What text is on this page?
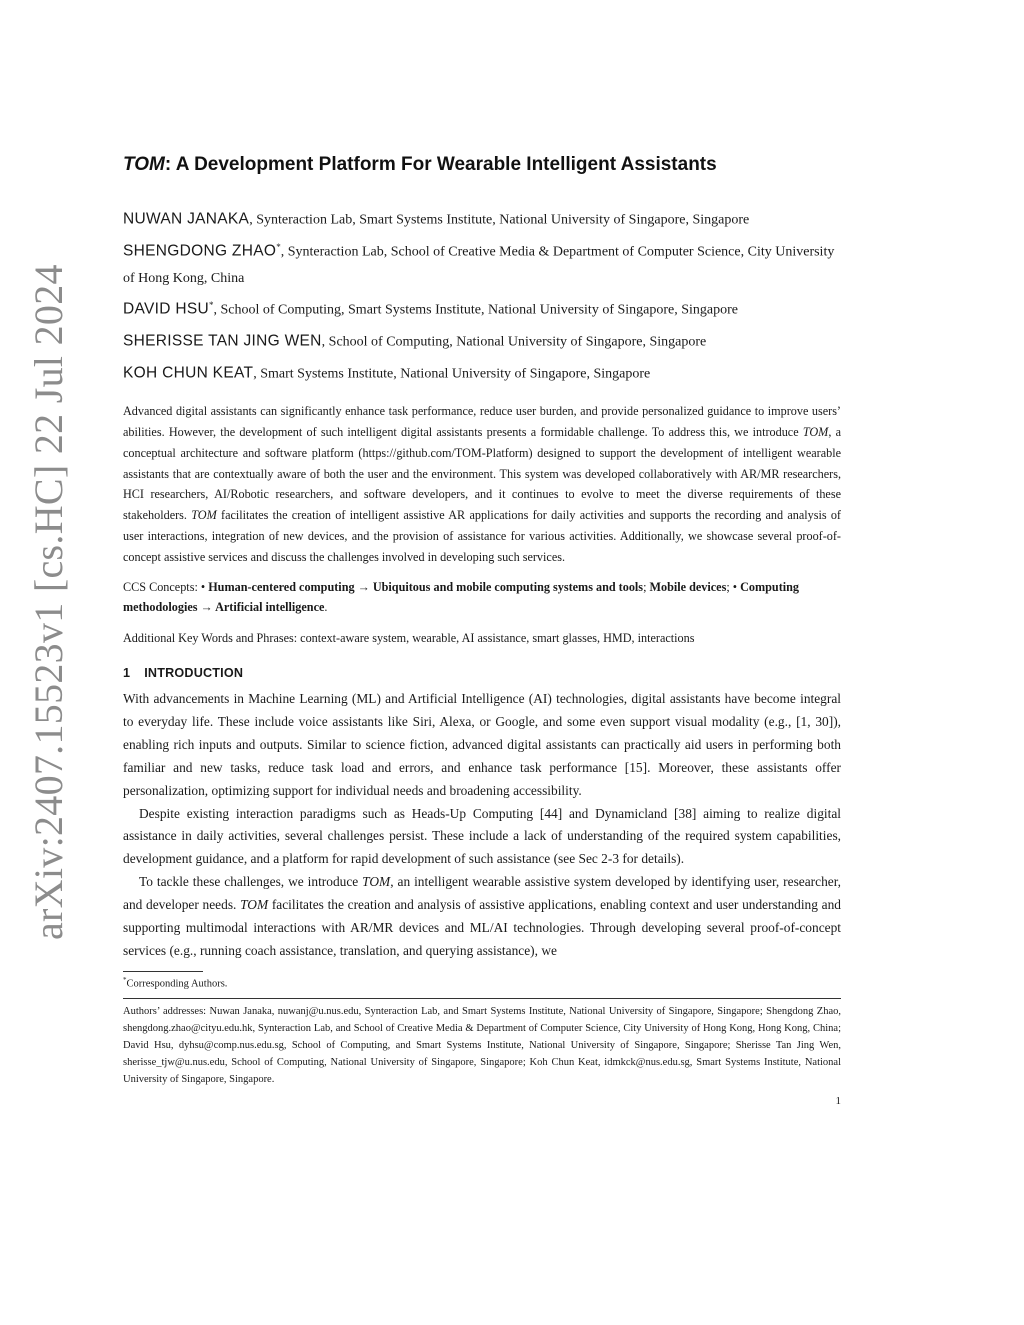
arXiv:2407.15523v1 [cs.HC] 22 Jul 2024
TOM: A Development Platform For Wearable Intelligent Assistants
NUWAN JANAKA, Synteraction Lab, Smart Systems Institute, National University of Singapore, Singapore
SHENGDONG ZHAO*, Synteraction Lab, School of Creative Media & Department of Computer Science, City University of Hong Kong, China
DAVID HSU*, School of Computing, Smart Systems Institute, National University of Singapore, Singapore
SHERISSE TAN JING WEN, School of Computing, National University of Singapore, Singapore
KOH CHUN KEAT, Smart Systems Institute, National University of Singapore, Singapore
Advanced digital assistants can significantly enhance task performance, reduce user burden, and provide personalized guidance to improve users’ abilities. However, the development of such intelligent digital assistants presents a formidable challenge. To address this, we introduce TOM, a conceptual architecture and software platform (https://github.com/TOM-Platform) designed to support the development of intelligent wearable assistants that are contextually aware of both the user and the environment. This system was developed collaboratively with AR/MR researchers, HCI researchers, AI/Robotic researchers, and software developers, and it continues to evolve to meet the diverse requirements of these stakeholders. TOM facilitates the creation of intelligent assistive AR applications for daily activities and supports the recording and analysis of user interactions, integration of new devices, and the provision of assistance for various activities. Additionally, we showcase several proof-of-concept assistive services and discuss the challenges involved in developing such services.
CCS Concepts: • Human-centered computing → Ubiquitous and mobile computing systems and tools; Mobile devices; • Computing methodologies → Artificial intelligence.
Additional Key Words and Phrases: context-aware system, wearable, AI assistance, smart glasses, HMD, interactions
1 INTRODUCTION

With advancements in Machine Learning (ML) and Artificial Intelligence (AI) technologies, digital assistants have become integral to everyday life. These include voice assistants like Siri, Alexa, or Google, and some even support visual modality (e.g., [1, 30]), enabling rich inputs and outputs. Similar to science fiction, advanced digital assistants can practically aid users in performing both familiar and new tasks, reduce task load and errors, and enhance task performance [15]. Moreover, these assistants offer personalization, optimizing support for individual needs and broadening accessibility.

Despite existing interaction paradigms such as Heads-Up Computing [44] and Dynamicland [38] aiming to realize digital assistance in daily activities, several challenges persist. These include a lack of understanding of the required system capabilities, development guidance, and a platform for rapid development of such assistance (see Sec 2-3 for details).

To tackle these challenges, we introduce TOM, an intelligent wearable assistive system developed by identifying user, researcher, and developer needs. TOM facilitates the creation and analysis of assistive applications, enabling context and user understanding and supporting multimodal interactions with AR/MR devices and ML/AI technologies. Through developing several proof-of-concept services (e.g., running coach assistance, translation, and querying assistance), we

*Corresponding Authors.
Authors’ addresses: Nuwan Janaka, nuwanj@u.nus.edu, Synteraction Lab, and Smart Systems Institute, National University of Singapore, Singapore; Shengdong Zhao, shengdong.zhao@cityu.edu.hk, Synteraction Lab, and School of Creative Media & Department of Computer Science, City University of Hong Kong, Hong Kong, China; David Hsu, dyhsu@comp.nus.edu.sg, School of Computing, and Smart Systems Institute, National University of Singapore, Singapore; Sherisse Tan Jing Wen, sherisse_tjw@u.nus.edu, School of Computing, National University of Singapore, Singapore; Koh Chun Keat, idmkck@nus.edu.sg, Smart Systems Institute, National University of Singapore, Singapore.
1
